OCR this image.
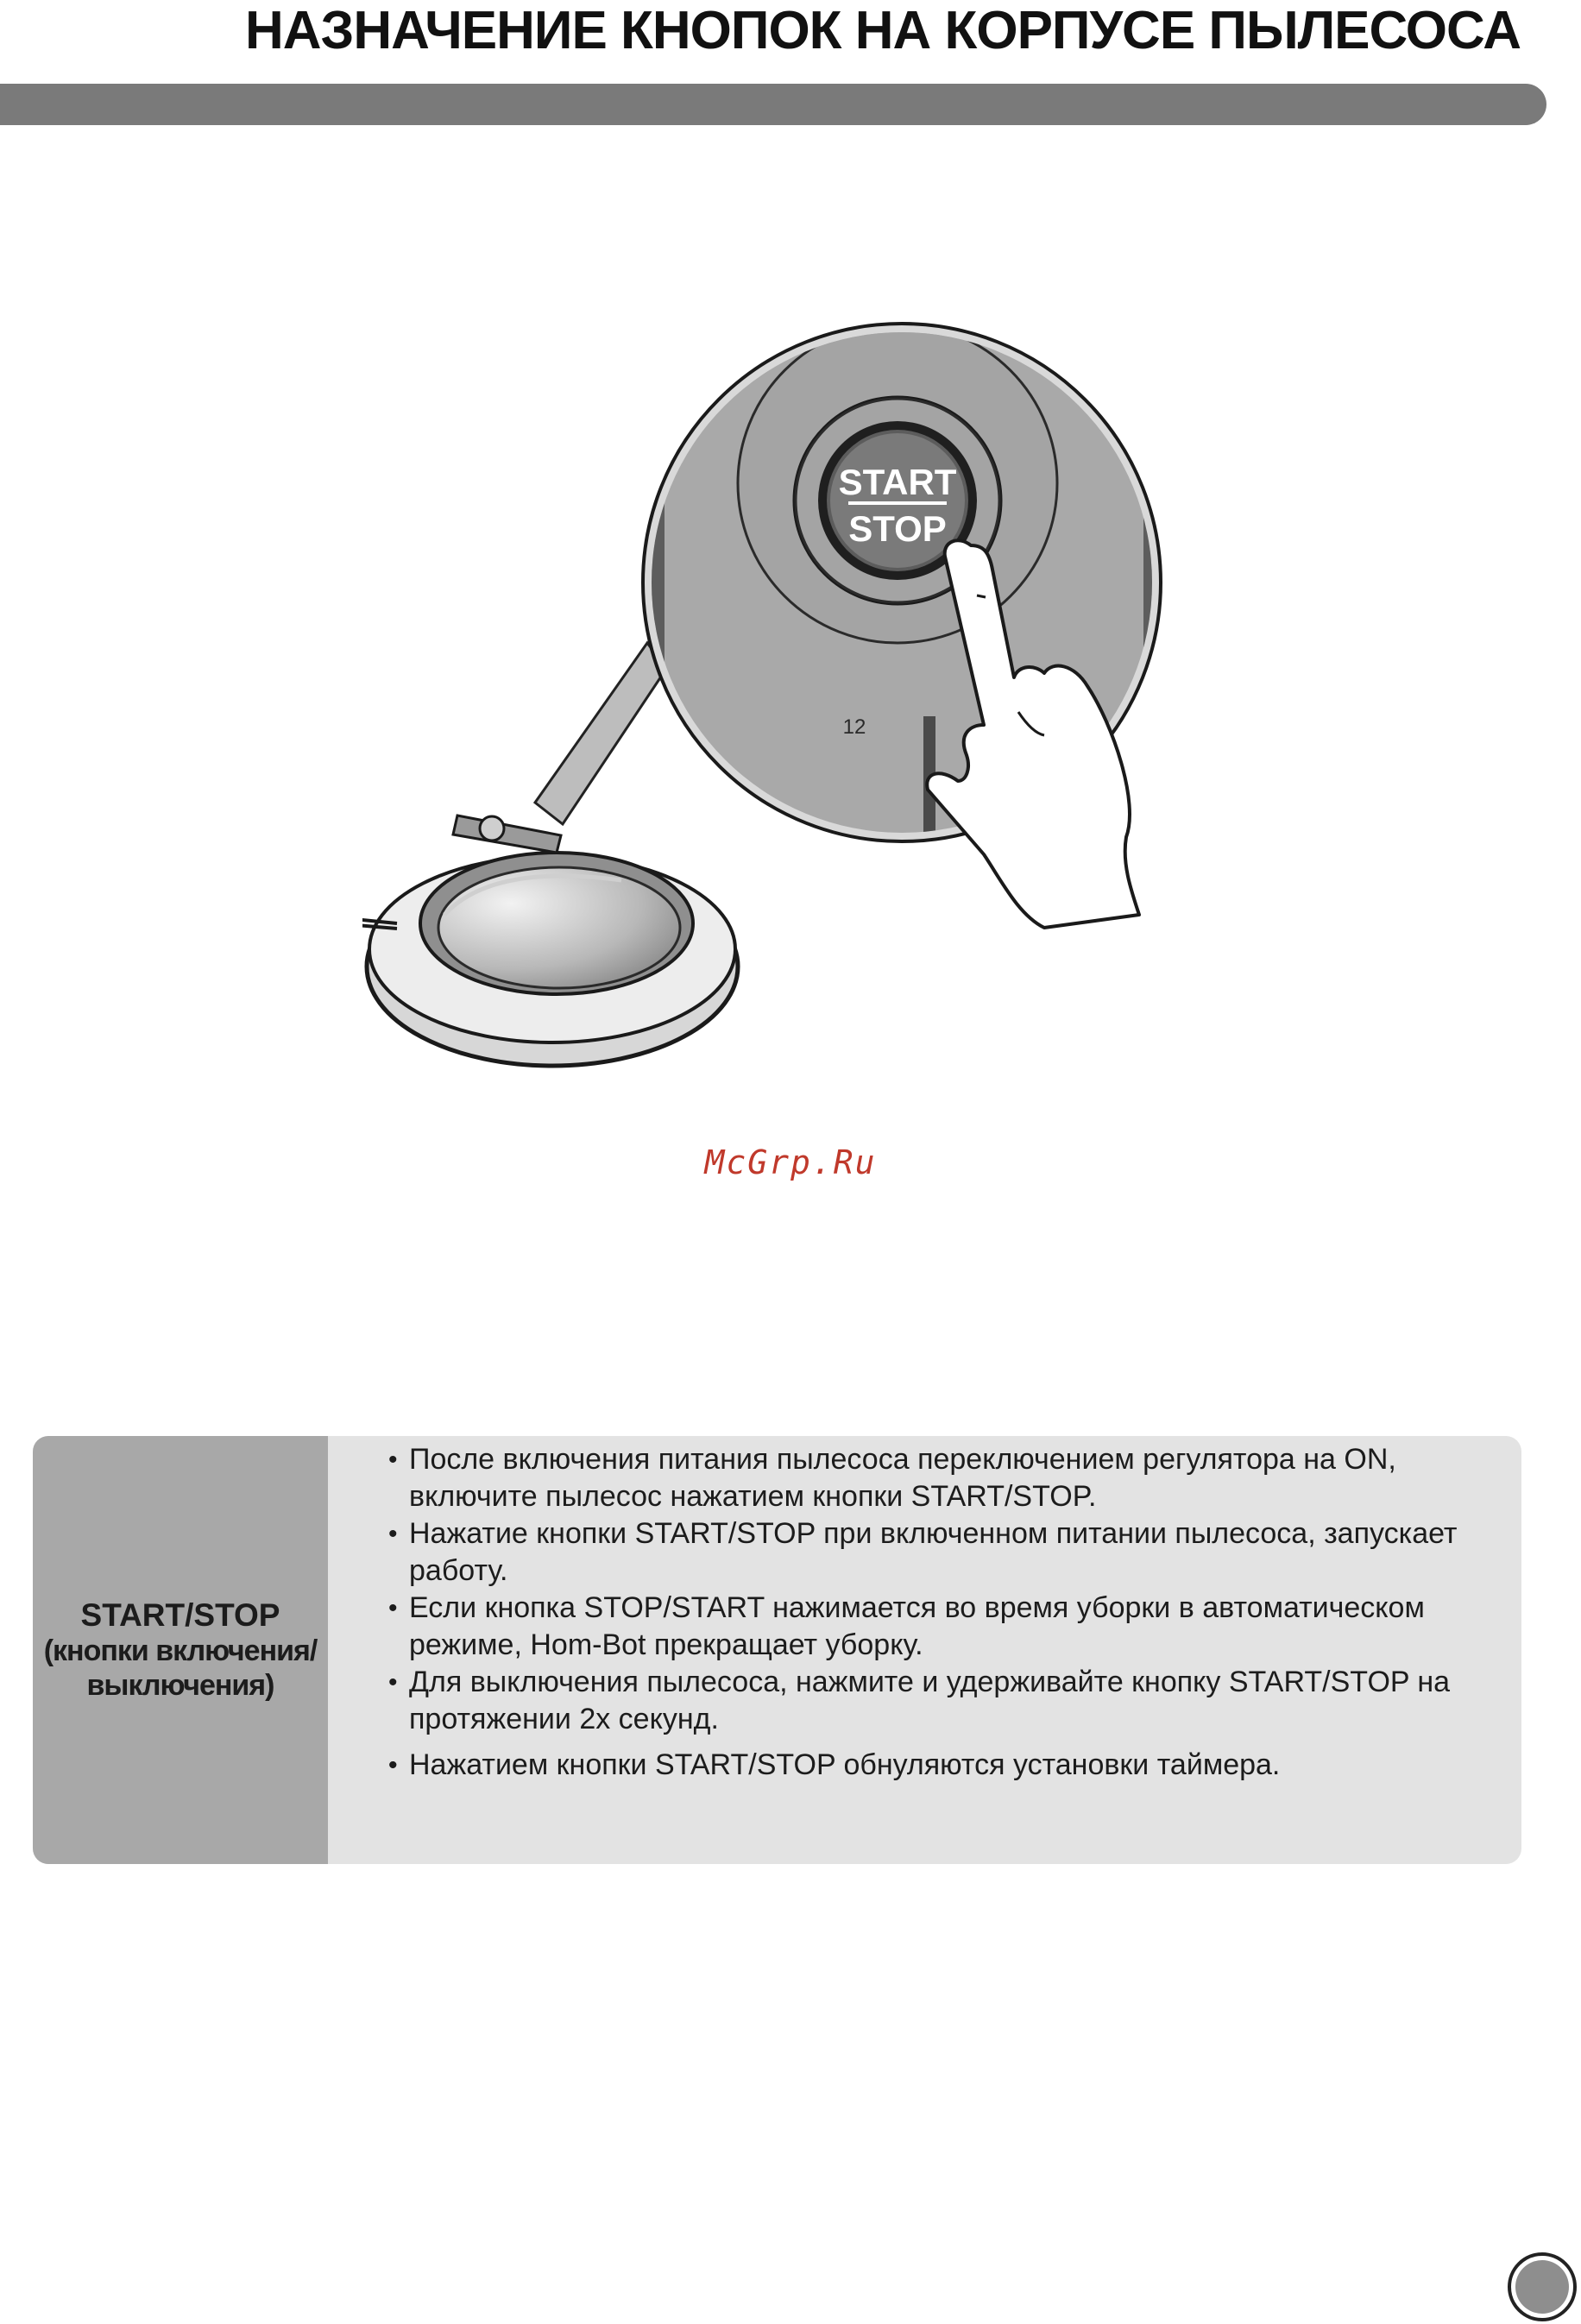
НАЗНАЧЕНИЕ КНОПОК НА КОРПУСЕ ПЫЛЕСОСА
START
STOP
12
McGrp.Ru
START/STOP
(кнопки включения/
выключения)
• После включения питания пылесоса переключением регулятора на ON, включите пылесос нажатием кнопки START/STOP.
• Нажатие кнопки START/STOP при включенном питании пылесоса, запускает работу.
• Если кнопка STOP/START нажимается во время уборки в автоматическом режиме, Hom-Bot прекращает уборку.
• Для выключения пылесоса, нажмите и удерживайте кнопку START/STOP на протяжении 2х секунд.
• Нажатием кнопки START/STOP обнуляются установки таймера.
